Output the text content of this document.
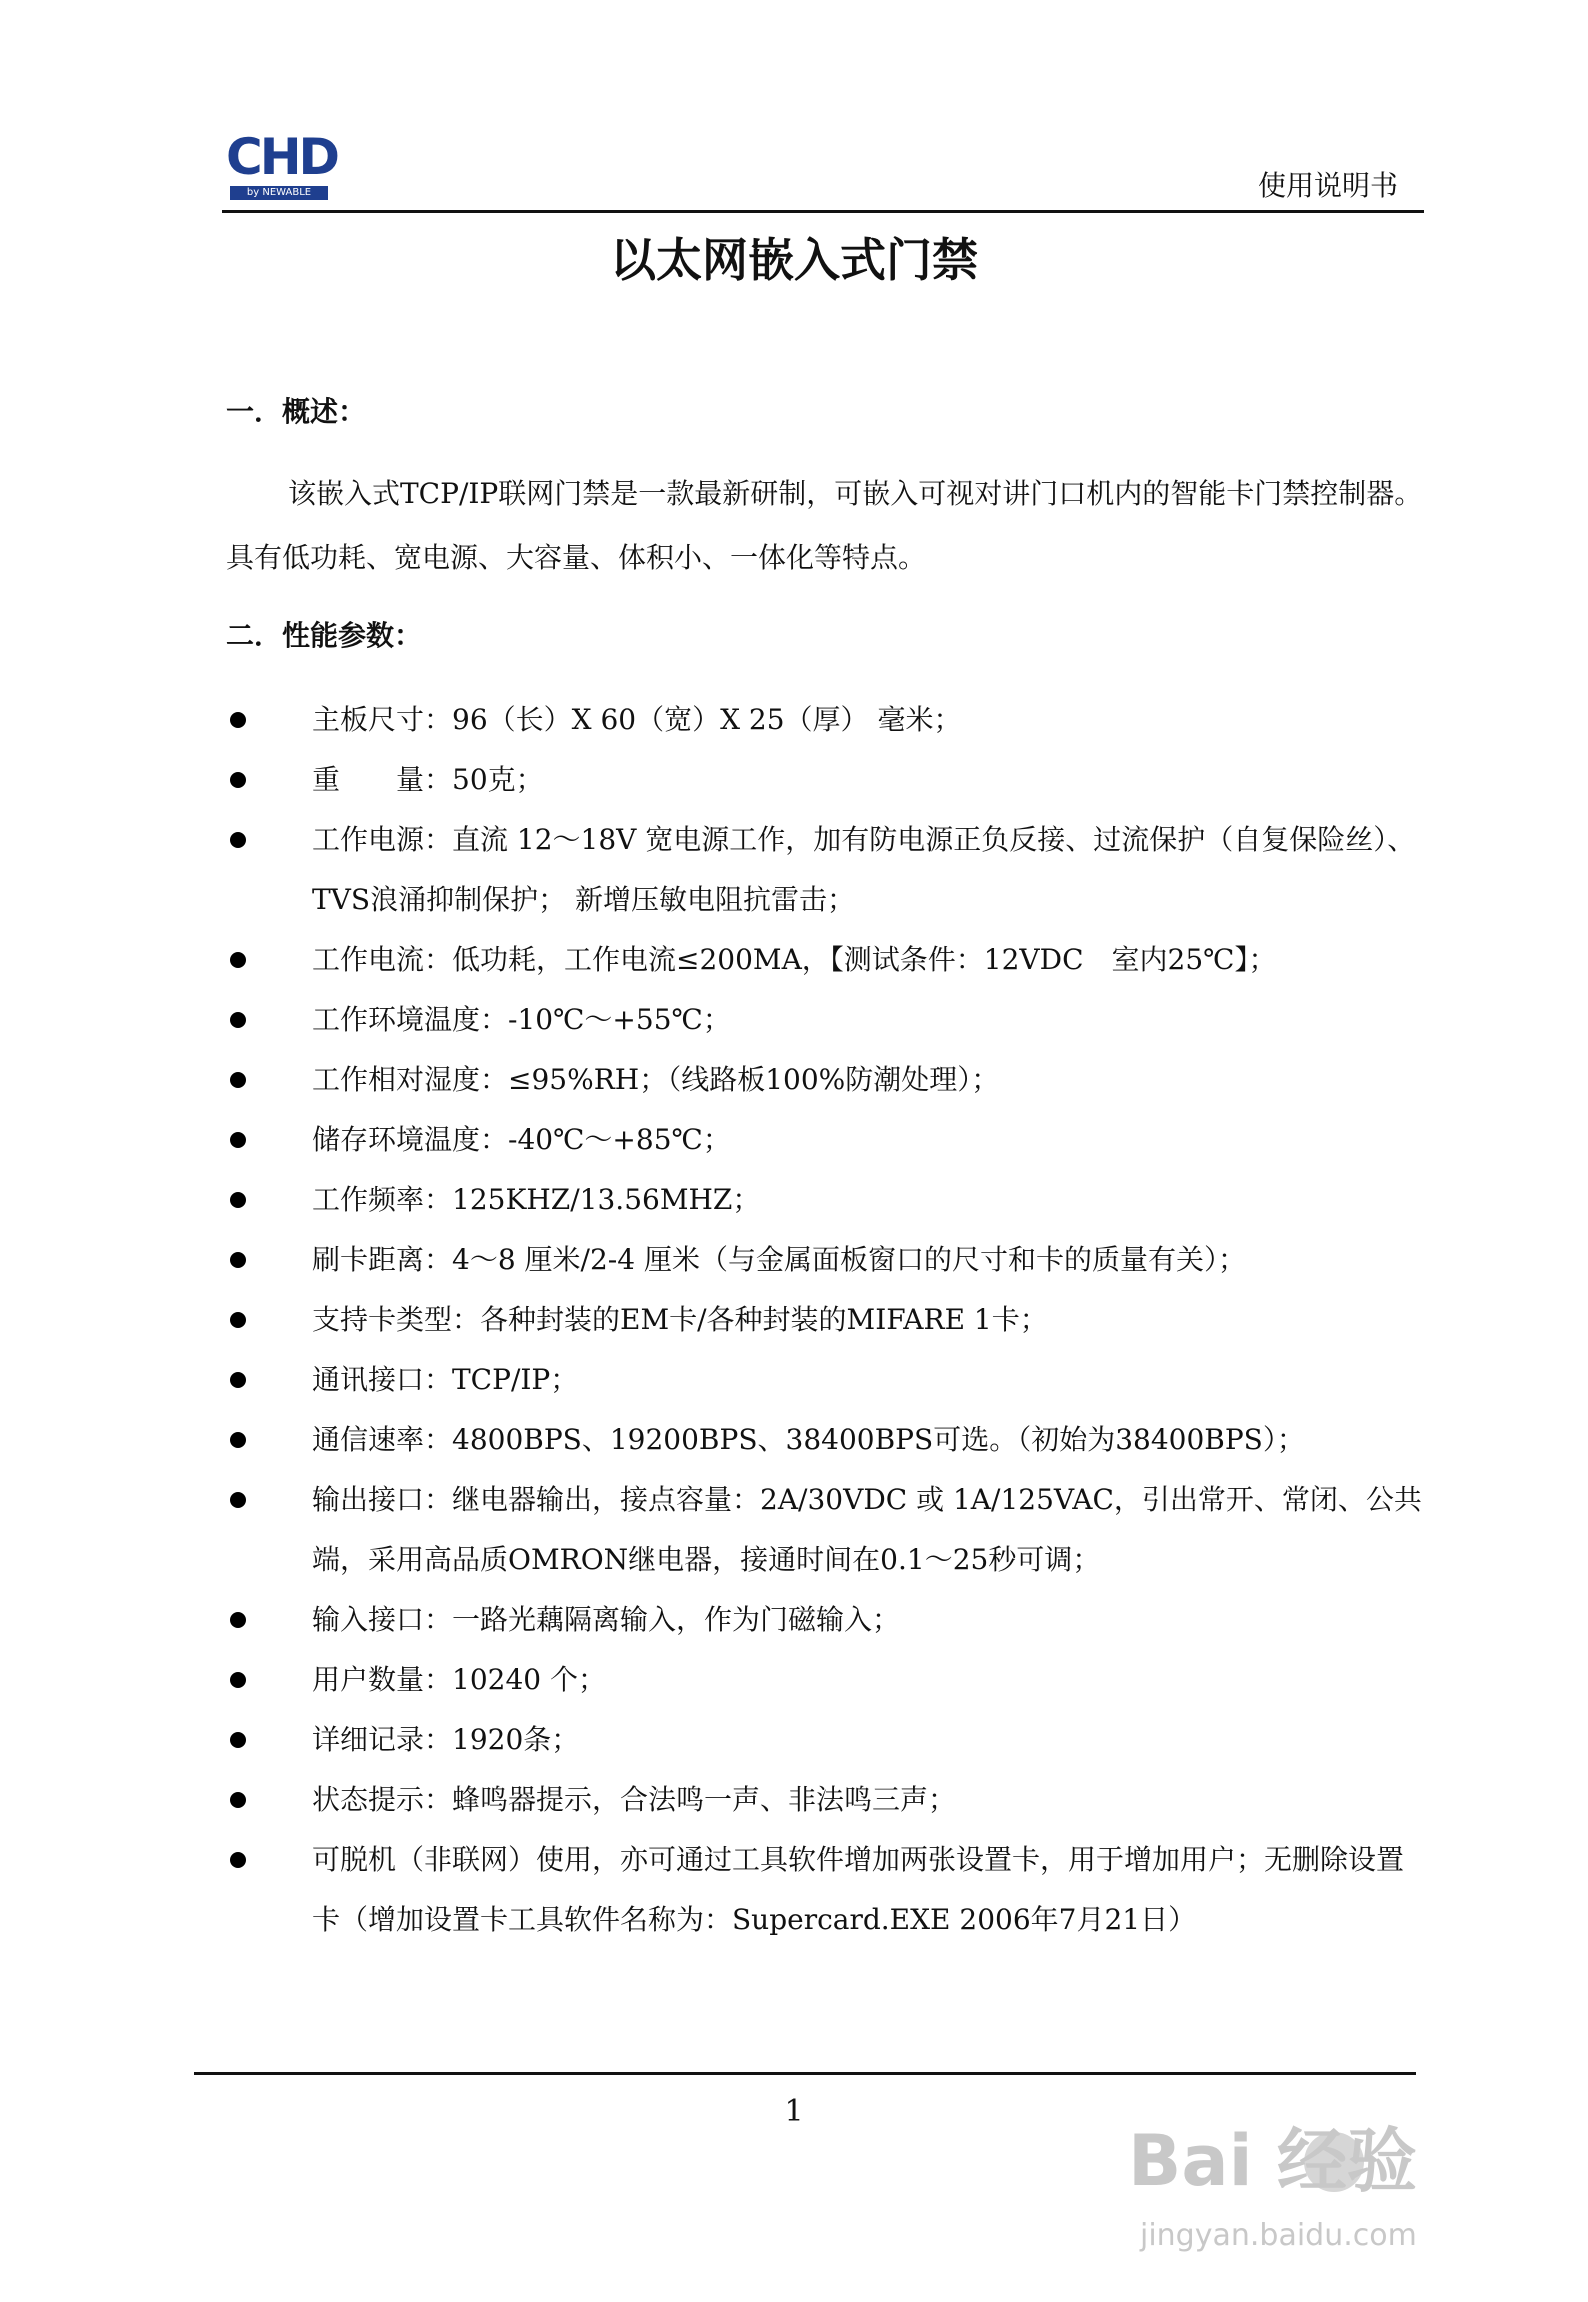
CHD
by NEWABLE	使用说明书
以太网嵌入式门禁
一．概述：
该嵌入式TCP/IP联网门禁是一款最新研制，可嵌入可视对讲门口机内的智能卡门禁控制器。具有低功耗、宽电源、大容量、体积小、一体化等特点。
二．性能参数：
主板尺寸：96（长）X 60（宽）X 25（厚） 毫米；
重　　量：50克；
工作电源：直流 12～18V 宽电源工作，加有防电源正负反接、过流保护（自复保险丝）、TVS浪涌抑制保护； 新增压敏电阻抗雷击；
工作电流：低功耗，工作电流≤200MA，【测试条件：12VDC　室内25℃】；
工作环境温度：-10℃～+55℃；
工作相对湿度：≤95%RH；（线路板100%防潮处理）；
储存环境温度：-40℃～+85℃；
工作频率：125KHZ/13.56MHZ；
刷卡距离：4～8 厘米/2-4 厘米（与金属面板窗口的尺寸和卡的质量有关）；
支持卡类型：各种封装的EM卡/各种封装的MIFARE 1卡；
通讯接口：TCP/IP；
通信速率：4800BPS、19200BPS、38400BPS可选。（初始为38400BPS）；
输出接口：继电器输出，接点容量：2A/30VDC 或 1A/125VAC，引出常开、常闭、公共端，采用高品质OMRON继电器，接通时间在0.1～25秒可调；
输入接口：一路光藕隔离输入，作为门磁输入；
用户数量：10240 个；
详细记录：1920条；
状态提示：蜂鸣器提示，合法鸣一声、非法鸣三声；
可脱机（非联网）使用，亦可通过工具软件增加两张设置卡，用于增加用户；无删除设置卡（增加设置卡工具软件名称为：Supercard.EXE 2006年7月21日）
1
Bai 经验
jingyan.baidu.com
